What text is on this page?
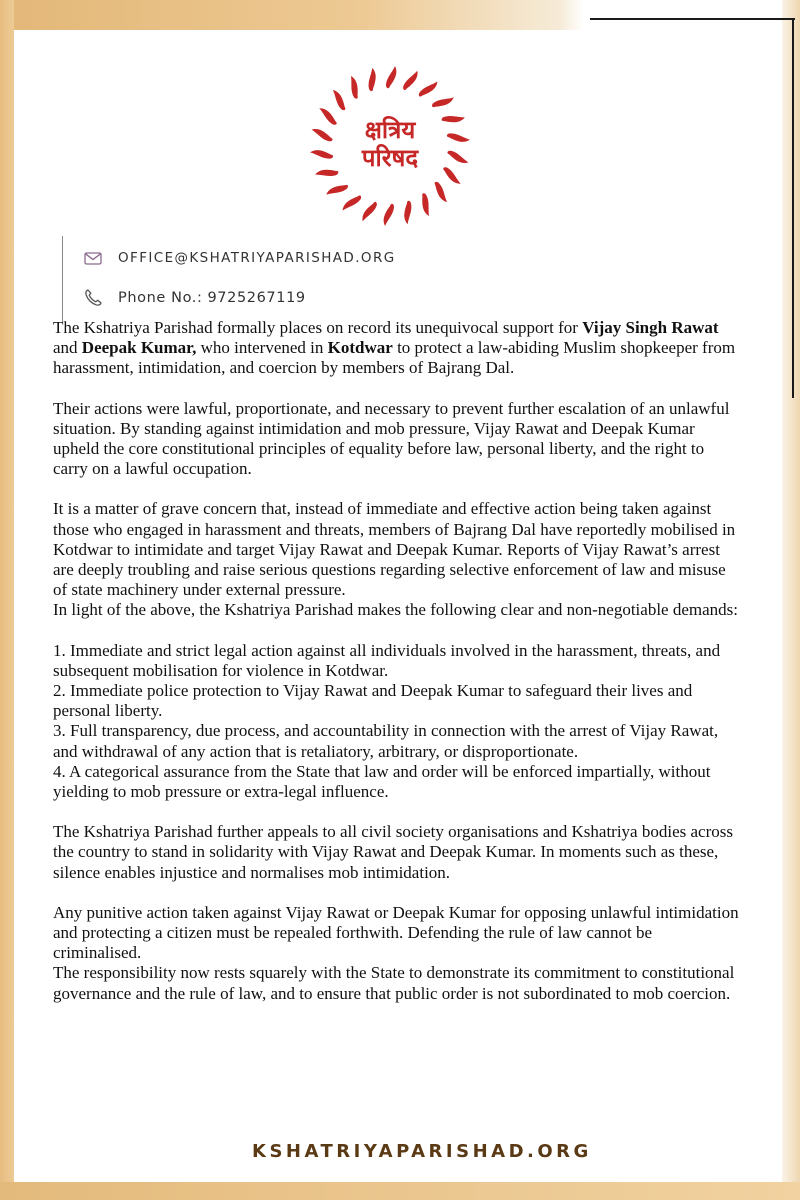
क्षत्रिय
परिषद
OFFICE@KSHATRIYAPARISHAD.ORG
Phone No.: 9725267119

The Kshatriya Parishad formally places on record its unequivocal support for Vijay Singh Rawat and Deepak Kumar, who intervened in Kotdwar to protect a law-abiding Muslim shopkeeper from harassment, intimidation, and coercion by members of Bajrang Dal.

Their actions were lawful, proportionate, and necessary to prevent further escalation of an unlawful situation. By standing against intimidation and mob pressure, Vijay Rawat and Deepak Kumar upheld the core constitutional principles of equality before law, personal liberty, and the right to carry on a lawful occupation.

It is a matter of grave concern that, instead of immediate and effective action being taken against those who engaged in harassment and threats, members of Bajrang Dal have reportedly mobilised in Kotdwar to intimidate and target Vijay Rawat and Deepak Kumar. Reports of Vijay Rawat’s arrest are deeply troubling and raise serious questions regarding selective enforcement of law and misuse of state machinery under external pressure.

In light of the above, the Kshatriya Parishad makes the following clear and non-negotiable demands:

1. Immediate and strict legal action against all individuals involved in the harassment, threats, and subsequent mobilisation for violence in Kotdwar.

2. Immediate police protection to Vijay Rawat and Deepak Kumar to safeguard their lives and personal liberty.

3. Full transparency, due process, and accountability in connection with the arrest of Vijay Rawat, and withdrawal of any action that is retaliatory, arbitrary, or disproportionate.

4. A categorical assurance from the State that law and order will be enforced impartially, without yielding to mob pressure or extra-legal influence.

The Kshatriya Parishad further appeals to all civil society organisations and Kshatriya bodies across the country to stand in solidarity with Vijay Rawat and Deepak Kumar. In moments such as these, silence enables injustice and normalises mob intimidation.

Any punitive action taken against Vijay Rawat or Deepak Kumar for opposing unlawful intimidation and protecting a citizen must be repealed forthwith. Defending the rule of law cannot be criminalised.

The responsibility now rests squarely with the State to demonstrate its commitment to constitutional governance and the rule of law, and to ensure that public order is not subordinated to mob coercion.

KSHATRIYAPARISHAD.ORG
